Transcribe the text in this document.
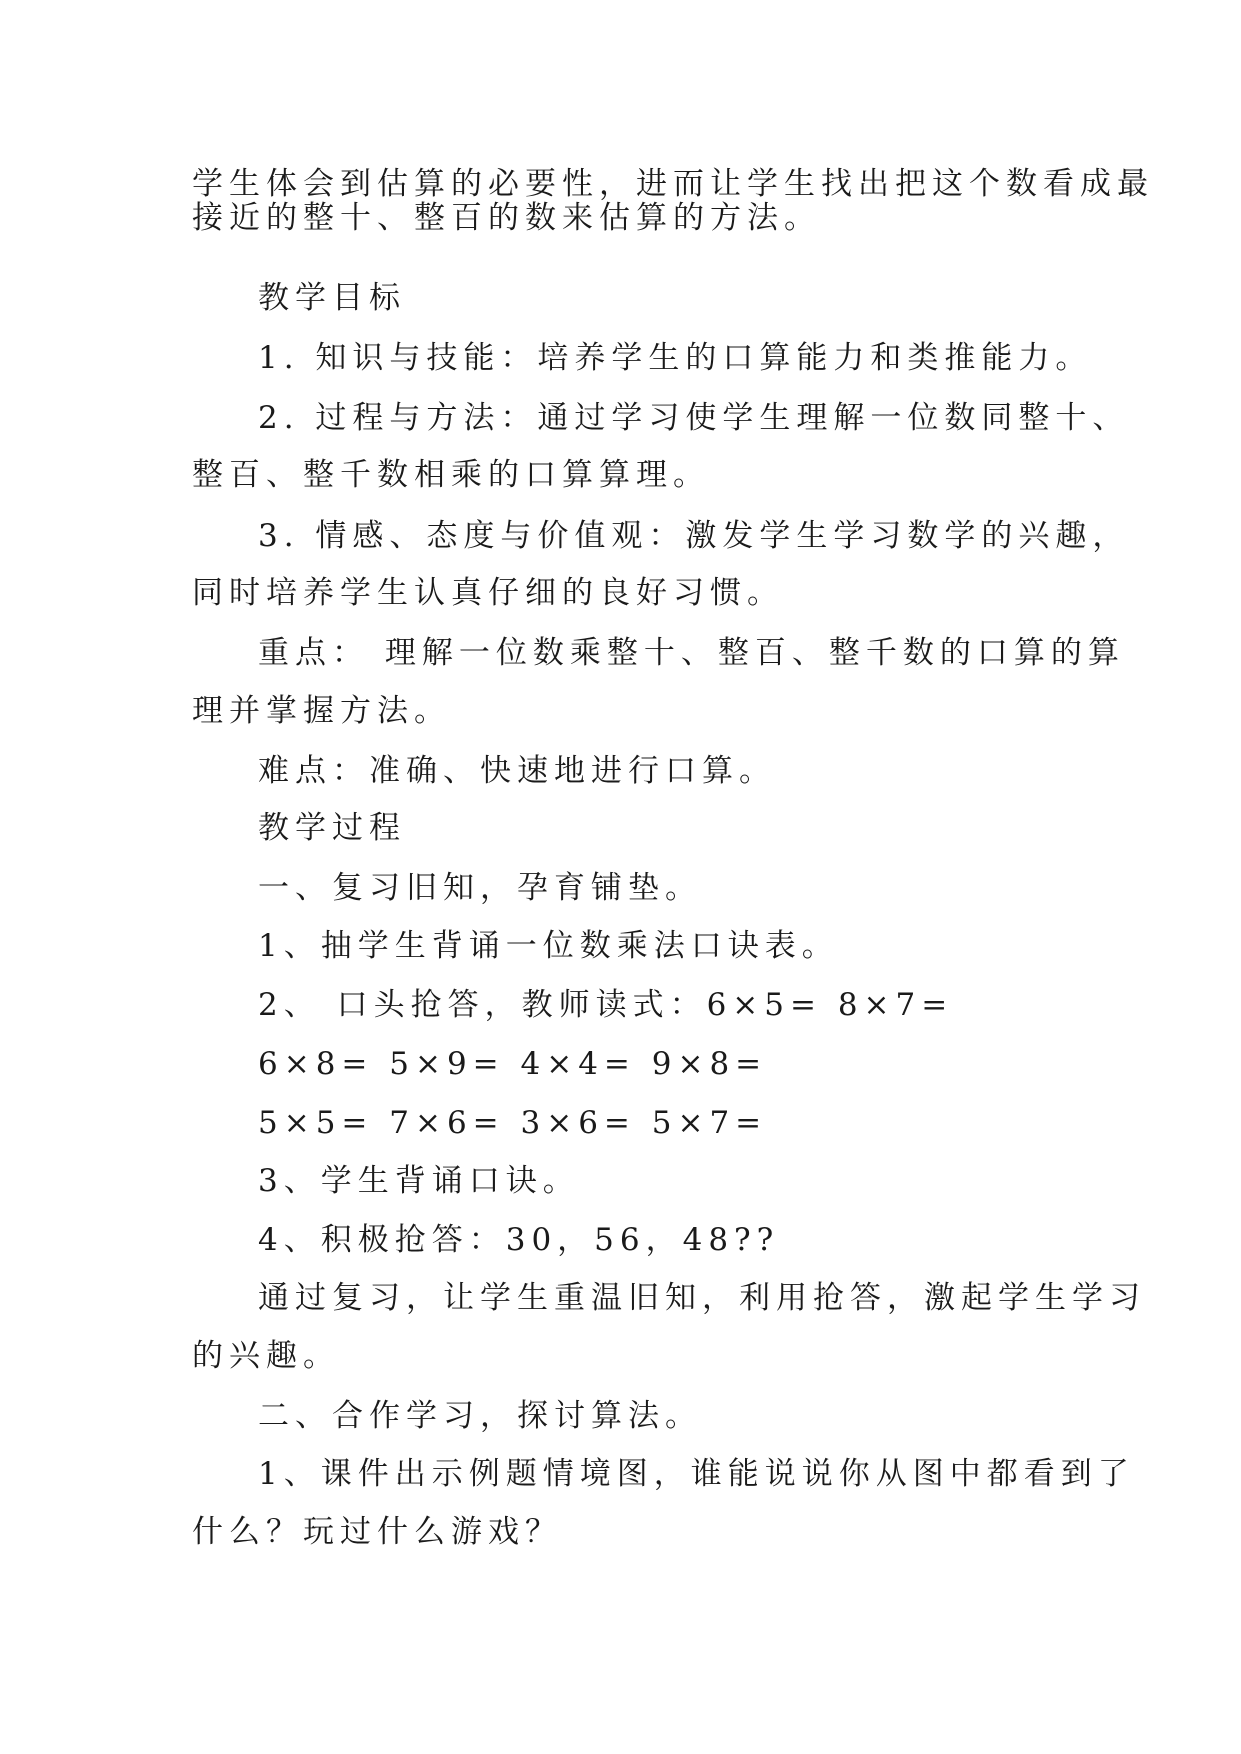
学生体会到估算的必要性，进而让学生找出把这个数看成最
接近的整十、整百的数来估算的方法。
教学目标
1. 知识与技能：培养学生的口算能力和类推能力。
2. 过程与方法：通过学习使学生理解一位数同整十、
整百、整千数相乘的口算算理。
3. 情感、态度与价值观：激发学生学习数学的兴趣，
同时培养学生认真仔细的良好习惯。
重点： 理解一位数乘整十、整百、整千数的口算的算
理并掌握方法。
难点：准确、快速地进行口算。
教学过程
一、复习旧知，孕育铺垫。
1、抽学生背诵一位数乘法口诀表。
2、 口头抢答，教师读式：6×5= 8×7=
6×8= 5×9= 4×4= 9×8=
5×5= 7×6= 3×6= 5×7=
3、学生背诵口诀。
4、积极抢答：30，56，48??
通过复习，让学生重温旧知，利用抢答，激起学生学习
的兴趣。
二、合作学习，探讨算法。
1、课件出示例题情境图，谁能说说你从图中都看到了
什么？玩过什么游戏？
